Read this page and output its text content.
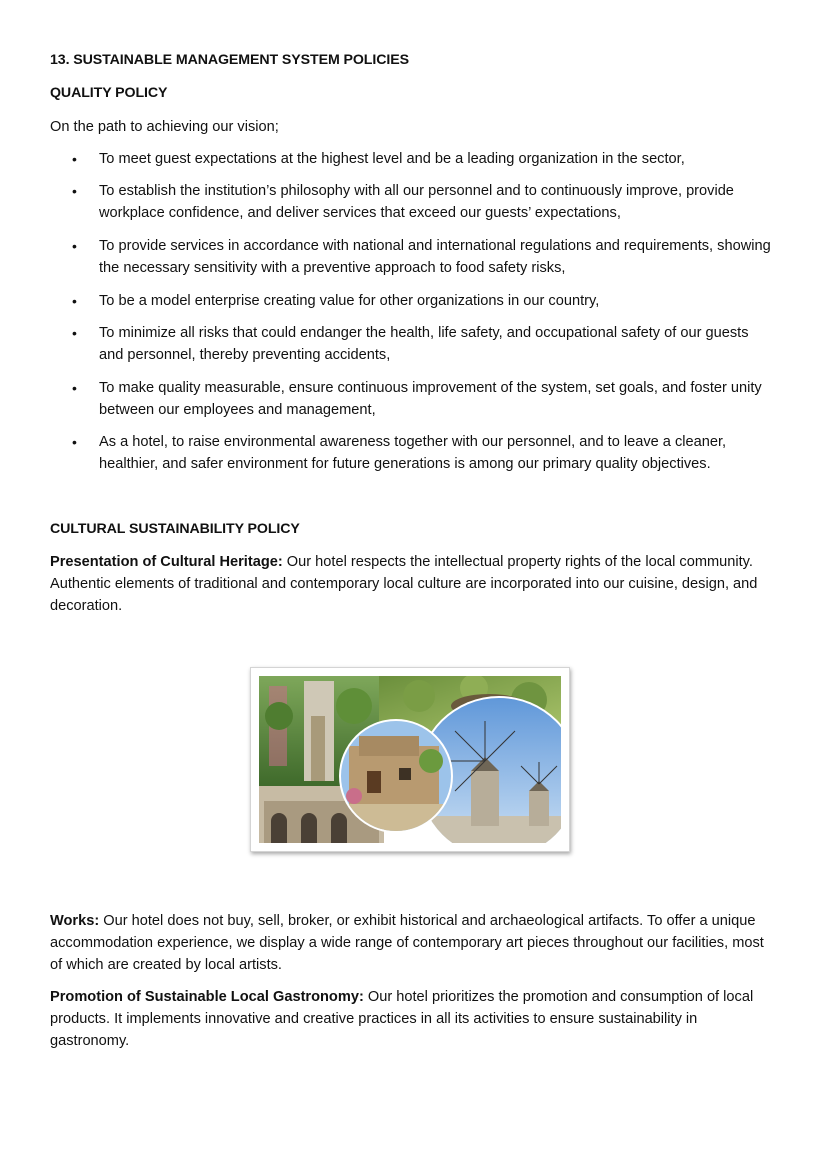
13. SUSTAINABLE MANAGEMENT SYSTEM POLICIES
QUALITY POLICY
On the path to achieving our vision;
• To meet guest expectations at the highest level and be a leading organization in the sector,
• To establish the institution’s philosophy with all our personnel and to continuously improve, provide workplace confidence, and deliver services that exceed our guests’ expectations,
• To provide services in accordance with national and international regulations and requirements, showing the necessary sensitivity with a preventive approach to food safety risks,
• To be a model enterprise creating value for other organizations in our country,
• To minimize all risks that could endanger the health, life safety, and occupational safety of our guests and personnel, thereby preventing accidents,
• To make quality measurable, ensure continuous improvement of the system, set goals, and foster unity between our employees and management,
• As a hotel, to raise environmental awareness together with our personnel, and to leave a cleaner, healthier, and safer environment for future generations is among our primary quality objectives.
CULTURAL SUSTAINABILITY POLICY
Presentation of Cultural Heritage: Our hotel respects the intellectual property rights of the local community. Authentic elements of traditional and contemporary local culture are incorporated into our cuisine, design, and decoration.
Works: Our hotel does not buy, sell, broker, or exhibit historical and archaeological artifacts. To offer a unique accommodation experience, we display a wide range of contemporary art pieces throughout our facilities, most of which are created by local artists.
Promotion of Sustainable Local Gastronomy: Our hotel prioritizes the promotion and consumption of local products. It implements innovative and creative practices in all its activities to ensure sustainability in gastronomy.
